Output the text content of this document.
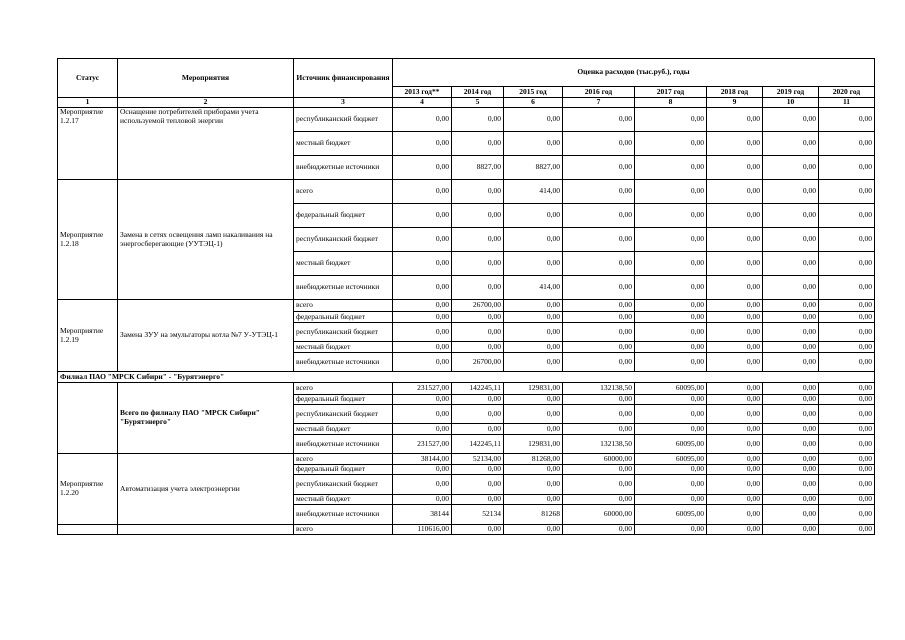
Статус	Мероприятия	Источник финансирования	Оценка расходов (тыс.руб.), годы							
			2013 год**	2014 год	2015 год	2016 год	2017 год	2018 год	2019 год	2020 год
1	2	3	4	5	6	7	8	9	10	11
Мероприятие 1.2.17	Оснащение потребителей приборами учета используемой тепловой энергии	республиканский бюджет	0,00	0,00	0,00	0,00	0,00	0,00	0,00	0,00
		местный бюджет	0,00	0,00	0,00	0,00	0,00	0,00	0,00	0,00
		внебюджетные источники	0,00	8827,00	8827,00	0,00	0,00	0,00	0,00	0,00
Мероприятие 1.2.18	Замена в сетях освещения ламп накаливания на энергосберегающие (УУТЭЦ-1)	всего	0,00	0,00	414,00	0,00	0,00	0,00	0,00	0,00
		федеральный бюджет	0,00	0,00	0,00	0,00	0,00	0,00	0,00	0,00
		республиканский бюджет	0,00	0,00	0,00	0,00	0,00	0,00	0,00	0,00
		местный бюджет	0,00	0,00	0,00	0,00	0,00	0,00	0,00	0,00
		внебюджетные источники	0,00	0,00	414,00	0,00	0,00	0,00	0,00	0,00
Мероприятие 1.2.19	Замена ЗУУ на эмульгаторы котла №7 У-УТЭЦ-1	всего	0,00	26700,00	0,00	0,00	0,00	0,00	0,00	0,00
		федеральный бюджет	0,00	0,00	0,00	0,00	0,00	0,00	0,00	0,00
		республиканский бюджет	0,00	0,00	0,00	0,00	0,00	0,00	0,00	0,00
		местный бюджет	0,00	0,00	0,00	0,00	0,00	0,00	0,00	0,00
		внебюджетные источники	0,00	26700,00	0,00	0,00	0,00	0,00	0,00	0,00
Филиал ПАО "МРСК Сибири" - "Бурятэнерго"										
	Всего по филиалу ПАО "МРСК Сибири" "Бурятэнерго"	всего	231527,00	142245,11	129831,00	132138,50	60095,00	0,00	0,00	0,00
		федеральный бюджет	0,00	0,00	0,00	0,00	0,00	0,00	0,00	0,00
		республиканский бюджет	0,00	0,00	0,00	0,00	0,00	0,00	0,00	0,00
		местный бюджет	0,00	0,00	0,00	0,00	0,00	0,00	0,00	0,00
		внебюджетные источники	231527,00	142245,11	129831,00	132138,50	60095,00	0,00	0,00	0,00
Мероприятие 1.2.20	Автоматизация учета электроэнергии	всего	38144,00	52134,00	81268,00	60000,00	60095,00	0,00	0,00	0,00
		федеральный бюджет	0,00	0,00	0,00	0,00	0,00	0,00	0,00	0,00
		республиканский бюджет	0,00	0,00	0,00	0,00	0,00	0,00	0,00	0,00
		местный бюджет	0,00	0,00	0,00	0,00	0,00	0,00	0,00	0,00
		внебюджетные источники	38144	52134	81268	60000,00	60095,00	0,00	0,00	0,00
		всего	110616,00	0,00	0,00	0,00	0,00	0,00	0,00	0,00
